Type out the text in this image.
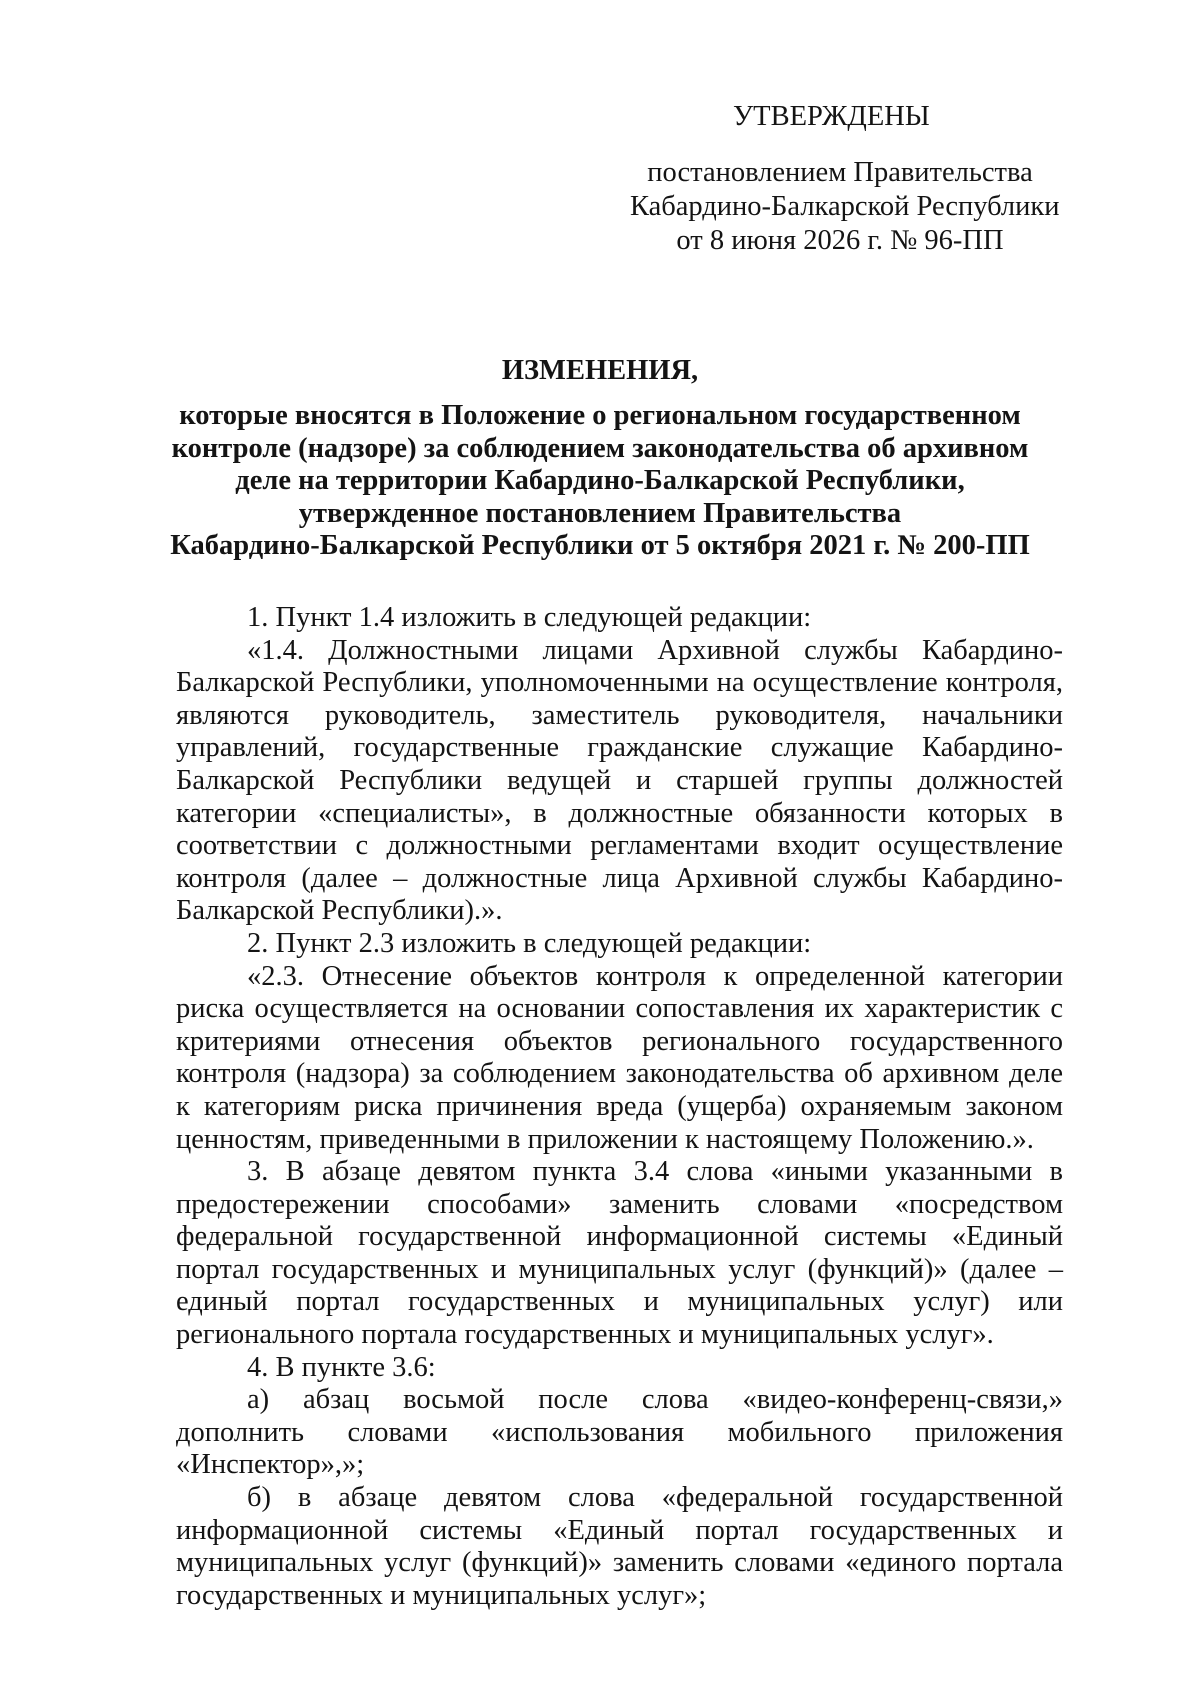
УТВЕРЖДЕНЫ
постановлением Правительства
Кабардино-Балкарской Республики
от 8 июня 2026 г. № 96-ПП
ИЗМЕНЕНИЯ,
которые вносятся в Положение о региональном государственном
контроле (надзоре) за соблюдением законодательства об архивном
деле на территории Кабардино-Балкарской Республики,
утвержденное постановлением Правительства
Кабардино-Балкарской Республики от 5 октября 2021 г. № 200-ПП

1. Пункт 1.4 изложить в следующей редакции:

«1.4. Должностными лицами Архивной службы Кабардино-Балкарской Республики, уполномоченными на осуществление контроля, являются руководитель, заместитель руководителя, начальники управлений, государственные гражданские служащие Кабардино-Балкарской Республики ведущей и старшей группы должностей категории «специалисты», в должностные обязанности которых в соответствии с должностными регламентами входит осуществление контроля (далее – должностные лица Архивной службы Кабардино-Балкарской Республики).».

2. Пункт 2.3 изложить в следующей редакции:

«2.3. Отнесение объектов контроля к определенной категории риска осуществляется на основании сопоставления их характеристик с критериями отнесения объектов регионального государственного контроля (надзора) за соблюдением законодательства об архивном деле к категориям риска причинения вреда (ущерба) охраняемым законом ценностям, приведенными в приложении к настоящему Положению.».

3. В абзаце девятом пункта 3.4 слова «иными указанными в предостережении способами» заменить словами «посредством федеральной государственной информационной системы «Единый портал государственных и муниципальных услуг (функций)» (далее – единый портал государственных и муниципальных услуг) или регионального портала государственных и муниципальных услуг».

4. В пункте 3.6:

а) абзац восьмой после слова «видео-конференц-связи,» дополнить словами «использования мобильного приложения «Инспектор»,»;

б) в абзаце девятом слова «федеральной государственной информационной системы «Единый портал государственных и муниципальных услуг (функций)» заменить словами «единого портала государственных и муниципальных услуг»;
